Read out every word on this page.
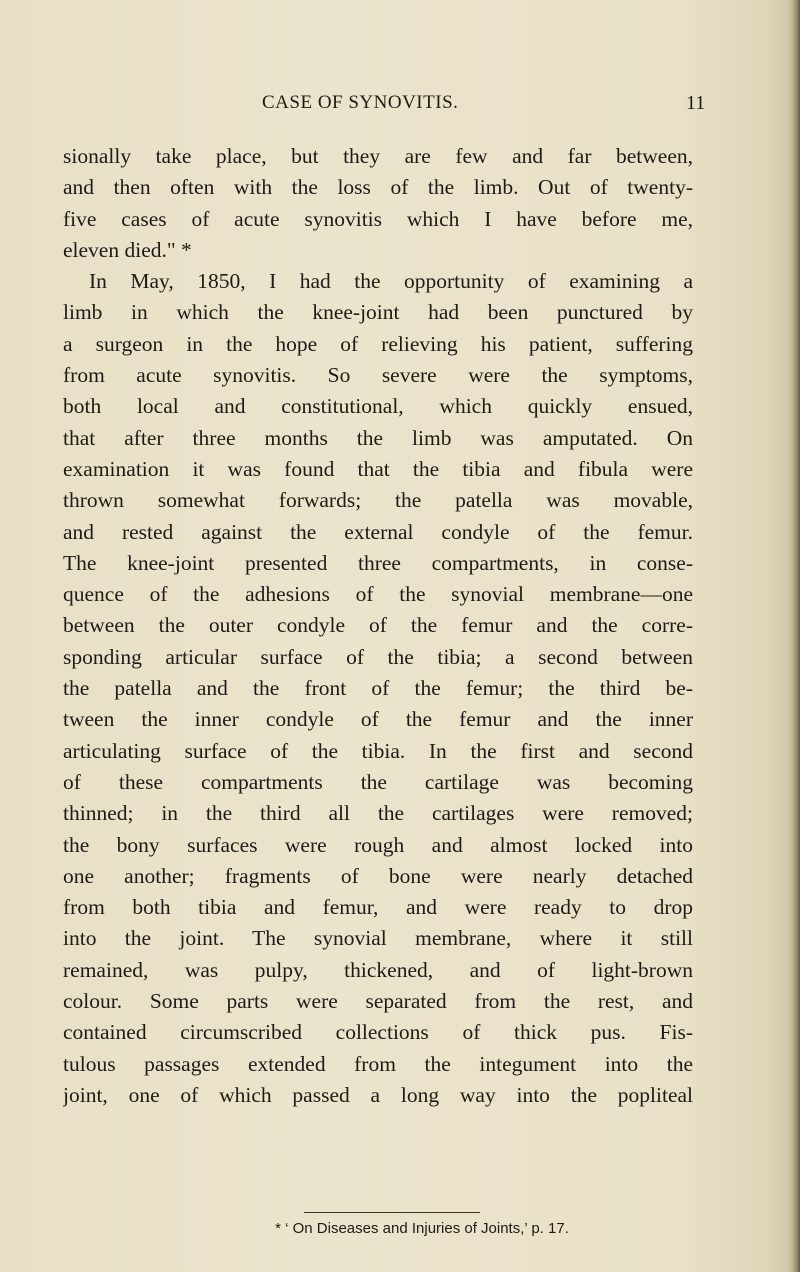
CASE OF SYNOVITIS.	11
sionally take place, but they are few and far between,
and then often with the loss of the limb. Out of twenty-
five cases of acute synovitis which I have before me,
eleven died." *
In May, 1850, I had the opportunity of examining a
limb in which the knee-joint had been punctured by
a surgeon in the hope of relieving his patient, suffering
from acute synovitis. So severe were the symptoms,
both local and constitutional, which quickly ensued,
that after three months the limb was amputated. On
examination it was found that the tibia and fibula were
thrown somewhat forwards; the patella was movable,
and rested against the external condyle of the femur.
The knee-joint presented three compartments, in conse-
quence of the adhesions of the synovial membrane—one
between the outer condyle of the femur and the corre-
sponding articular surface of the tibia; a second between
the patella and the front of the femur; the third be-
tween the inner condyle of the femur and the inner
articulating surface of the tibia. In the first and second
of these compartments the cartilage was becoming
thinned; in the third all the cartilages were removed;
the bony surfaces were rough and almost locked into
one another; fragments of bone were nearly detached
from both tibia and femur, and were ready to drop
into the joint. The synovial membrane, where it still
remained, was pulpy, thickened, and of light-brown
colour. Some parts were separated from the rest, and
contained circumscribed collections of thick pus. Fis-
tulous passages extended from the integument into the
joint, one of which passed a long way into the popliteal
* ‘ On Diseases and Injuries of Joints,’ p. 17.
